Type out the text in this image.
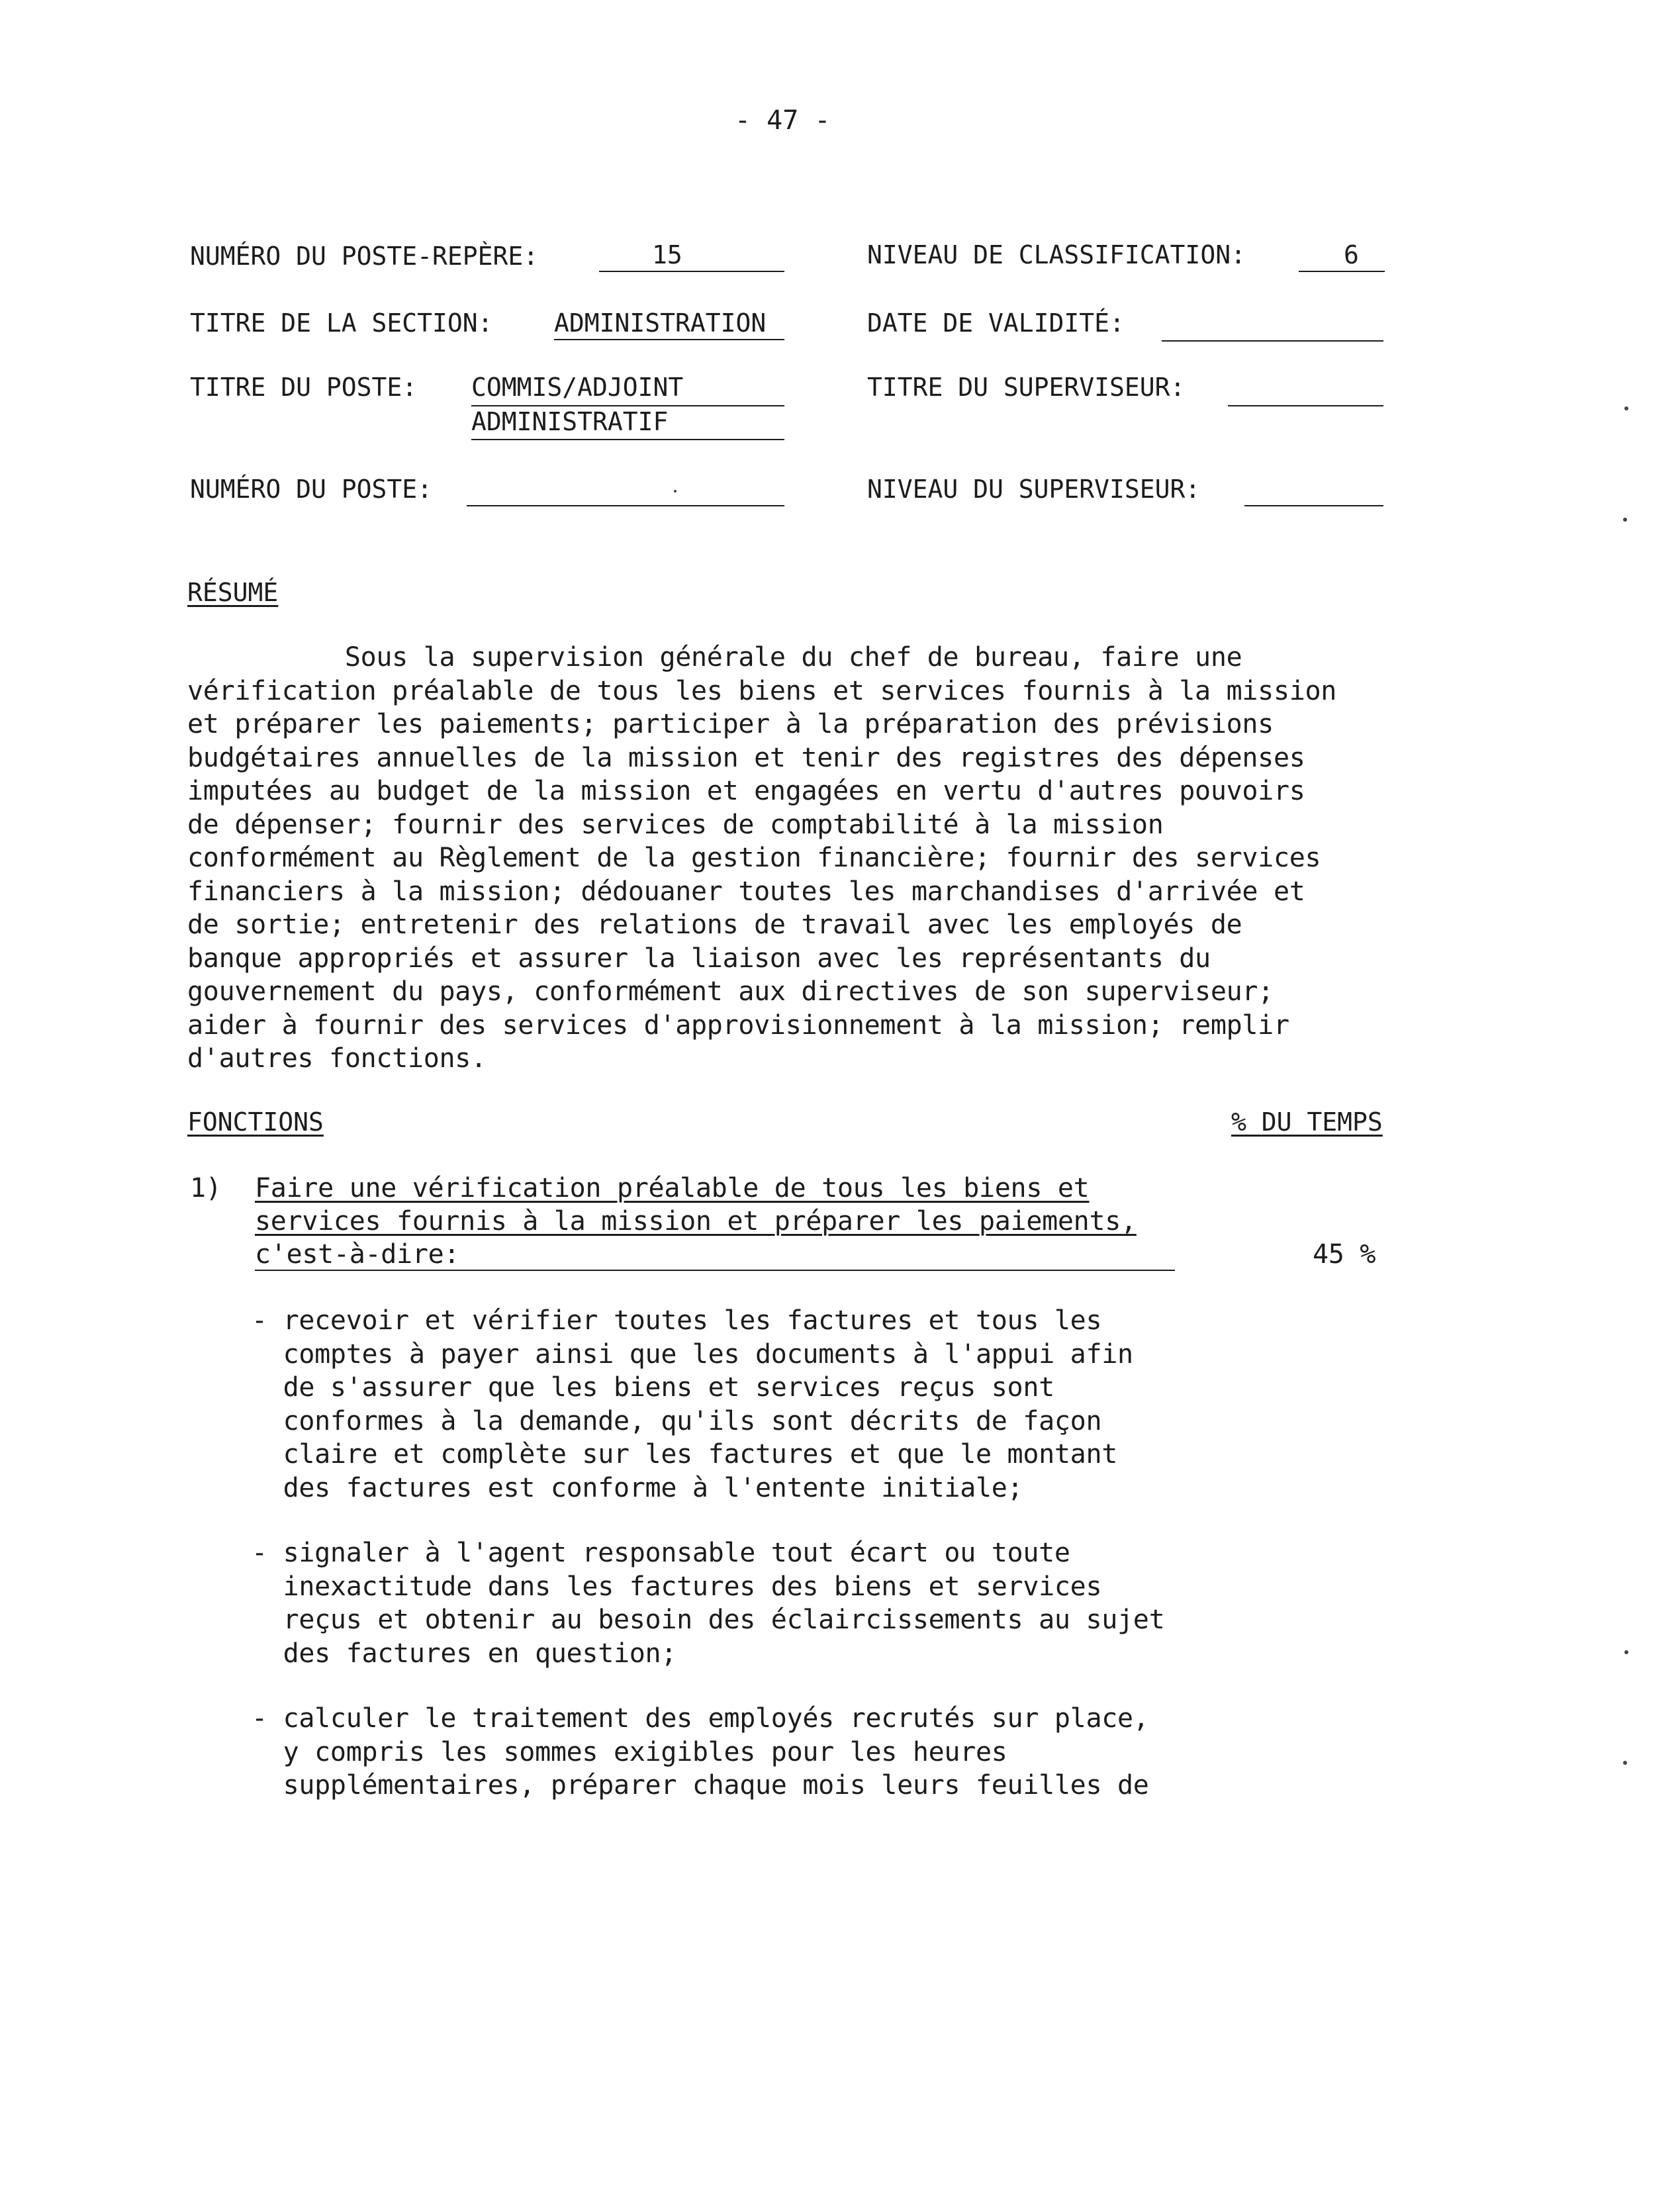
- 47 -
NUMÉRO DU POSTE-REPÈRE:	15	NIVEAU DE CLASSIFICATION:	6
TITRE DE LA SECTION: ADMINISTRATION	DATE DE VALIDITÉ:
TITRE DU POSTE: COMMIS/ADJOINT
ADMINISTRATIF
TITRE DU SUPERVISEUR:
NUMÉRO DU POSTE:	NIVEAU DU SUPERVISEUR:
RÉSUMÉ
Sous la supervision générale du chef de bureau, faire une
vérification préalable de tous les biens et services fournis à la mission
et préparer les paiements; participer à la préparation des prévisions
budgétaires annuelles de la mission et tenir des registres des dépenses
imputées au budget de la mission et engagées en vertu d'autres pouvoirs
de dépenser; fournir des services de comptabilité à la mission
conformément au Règlement de la gestion financière; fournir des services
financiers à la mission; dédouaner toutes les marchandises d'arrivée et
de sortie; entretenir des relations de travail avec les employés de
banque appropriés et assurer la liaison avec les représentants du
gouvernement du pays, conformément aux directives de son superviseur;
aider à fournir des services d'approvisionnement à la mission; remplir
d'autres fonctions.
FONCTIONS	% DU TEMPS
1) Faire une vérification préalable de tous les biens et
services fournis à la mission et préparer les paiements,
c'est-à-dire:	45 %
- recevoir et vérifier toutes les factures et tous les
comptes à payer ainsi que les documents à l'appui afin
de s'assurer que les biens et services reçus sont
conformes à la demande, qu'ils sont décrits de façon
claire et complète sur les factures et que le montant
des factures est conforme à l'entente initiale;
- signaler à l'agent responsable tout écart ou toute
inexactitude dans les factures des biens et services
reçus et obtenir au besoin des éclaircissements au sujet
des factures en question;
- calculer le traitement des employés recrutés sur place,
y compris les sommes exigibles pour les heures
supplémentaires, préparer chaque mois leurs feuilles de
